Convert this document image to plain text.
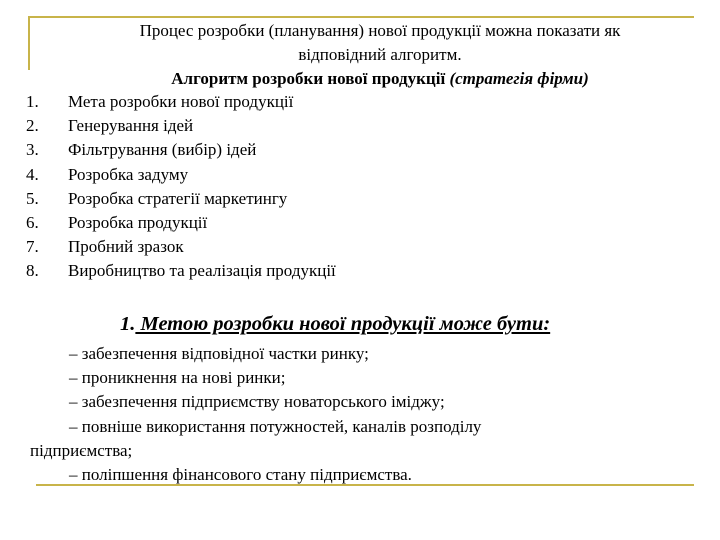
Процес розробки (планування) нової продукції можна показати як
відповідний алгоритм.
Алгоритм розробки нової продукції (стратегія фірми)
1.	Мета розробки нової продукції
2.	Генерування ідей
3.	Фільтрування (вибір) ідей
4.	Розробка задуму
5.	Розробка стратегії маркетингу
6.	Розробка продукції
7.	Пробний зразок
8.	Виробництво та реалізація продукції
1. Метою розробки нової продукції може бути:
– забезпечення відповідної частки ринку;
– проникнення на нові ринки;
– забезпечення підприємству новаторського іміджу;
– повніше використання потужностей, каналів розподілу
підприємства;
– поліпшення фінансового стану підприємства.
